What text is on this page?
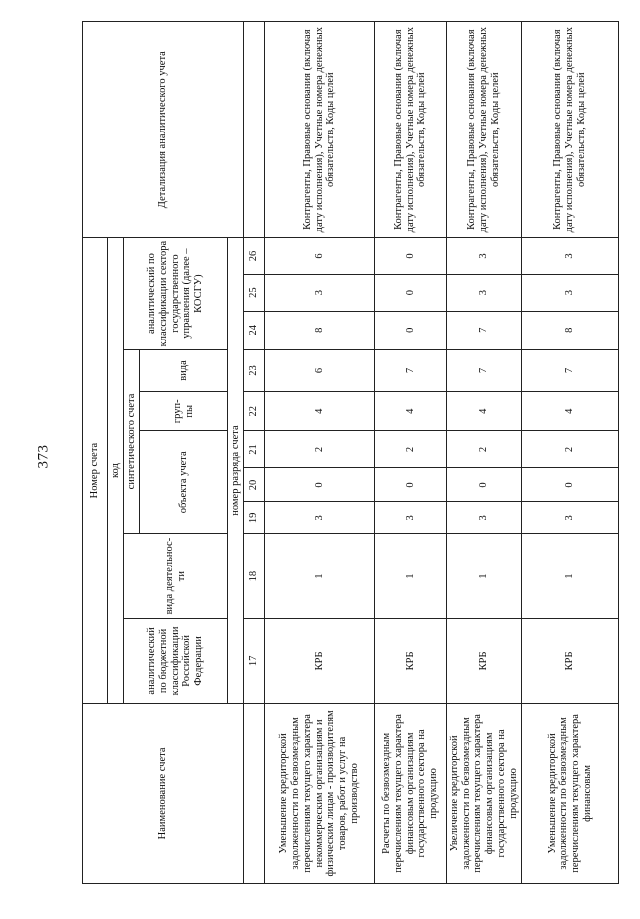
373
Наименование счета	Номер счета										Детализация аналитического учета
	код										
	аналитический по бюджетной классификации Российской Федерации	вида деятельнос-ти	синтетического счета					аналитический по классификации сектора государственного управления (далее – КОСГУ)			
			объекта учета			груп-пы	вида				
	номер разряда счета										
	17	18	19	20	21	22	23	24	25	26	
Уменьшение кредиторской задолженности по безвозмездным перечислениям текущего характера некоммерческим организациям и физическим лицам - производителям товаров, работ и услуг на производство	КРБ	1	3	0	2	4	6	8	3	6	Контрагенты, Правовые основания (включая дату исполнения), Учетные номера денежных обязательств, Коды целей
Расчеты по безвозмездным перечислениям текущего характера финансовым организациям государственного сектора на продукцию	КРБ	1	3	0	2	4	7	0	0	0	Контрагенты, Правовые основания (включая дату исполнения), Учетные номера денежных обязательств, Коды целей
Увеличение кредиторской задолженности по безвозмездным перечислениям текущего характера финансовым организациям государственного сектора на продукцию	КРБ	1	3	0	2	4	7	7	3	3	Контрагенты, Правовые основания (включая дату исполнения), Учетные номера денежных обязательств, Коды целей
Уменьшение кредиторской задолженности по безвозмездным перечислениям текущего характера финансовым	КРБ	1	3	0	2	4	7	8	3	3	Контрагенты, Правовые основания (включая дату исполнения), Учетные номера денежных обязательств, Коды целей
